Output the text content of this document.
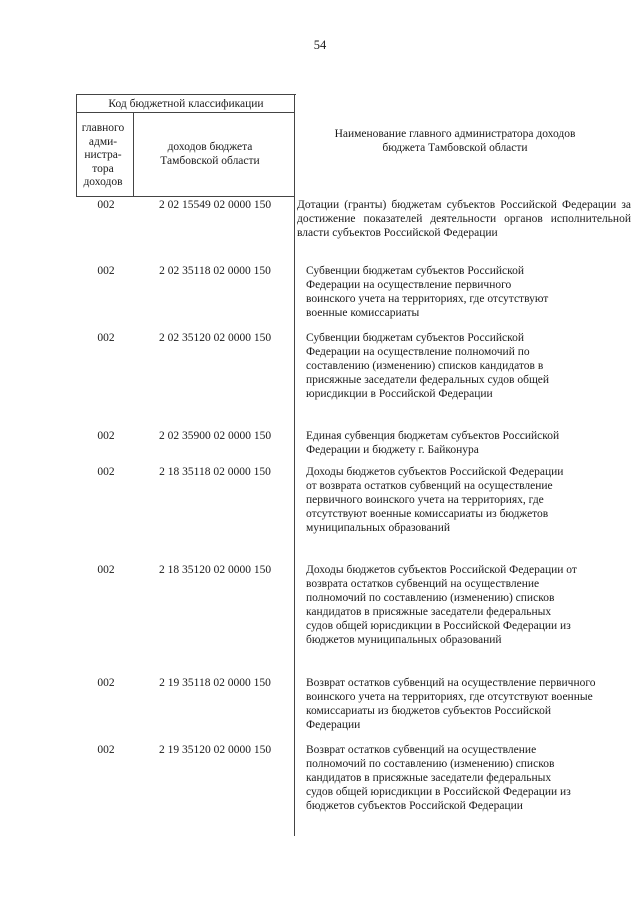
54
Код бюджетной классификации
главного адми-нистра-тора доходов
доходов бюджета Тамбовской области
Наименование главного администратора доходов бюджета Тамбовской области
002	2 02 15549 02 0000 150	Дотации (гранты) бюджетам субъектов Российской Федерации за достижение показателей деятельности органов исполнительной власти субъектов Российской Федерации
002	2 02 35118 02 0000 150	Субвенции бюджетам субъектов Российской Федерации на осуществление первичного воинского учета на территориях, где отсутствуют военные комиссариаты
002	2 02 35120 02 0000 150	Субвенции бюджетам субъектов Российской Федерации на осуществление полномочий по составлению (изменению) списков кандидатов в присяжные заседатели федеральных судов общей юрисдикции в Российской Федерации
002	2 02 35900 02 0000 150	Единая субвенция бюджетам субъектов Российской Федерации и бюджету г. Байконура
002	2 18 35118 02 0000 150	Доходы бюджетов субъектов Российской Федерации от возврата остатков субвенций на осуществление первичного воинского учета на территориях, где отсутствуют военные комиссариаты из бюджетов муниципальных образований
002	2 18 35120 02 0000 150	Доходы бюджетов субъектов Российской Федерации от возврата остатков субвенций на осуществление полномочий по составлению (изменению) списков кандидатов в присяжные заседатели федеральных судов общей юрисдикции в Российской Федерации из бюджетов муниципальных образований
002	2 19 35118 02 0000 150	Возврат остатков субвенций на осуществление первичного воинского учета на территориях, где отсутствуют военные комиссариаты из бюджетов субъектов Российской Федерации
002	2 19 35120 02 0000 150	Возврат остатков субвенций на осуществление полномочий по составлению (изменению) списков кандидатов в присяжные заседатели федеральных судов общей юрисдикции в Российской Федерации из бюджетов субъектов Российской Федерации
